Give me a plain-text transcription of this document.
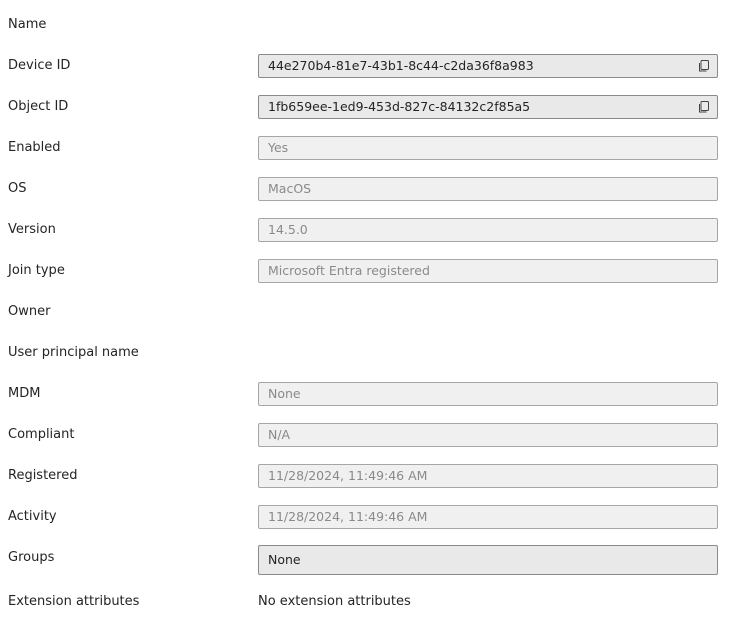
Name
Device ID	44e270b4-81e7-43b1-8c44-c2da36f8a983
Object ID	1fb659ee-1ed9-453d-827c-84132c2f85a5
Enabled	Yes
OS	MacOS
Version	14.5.0
Join type	Microsoft Entra registered
Owner
User principal name
MDM	None
Compliant	N/A
Registered	11/28/2024, 11:49:46 AM
Activity	11/28/2024, 11:49:46 AM
Groups	None
Extension attributes	No extension attributes
